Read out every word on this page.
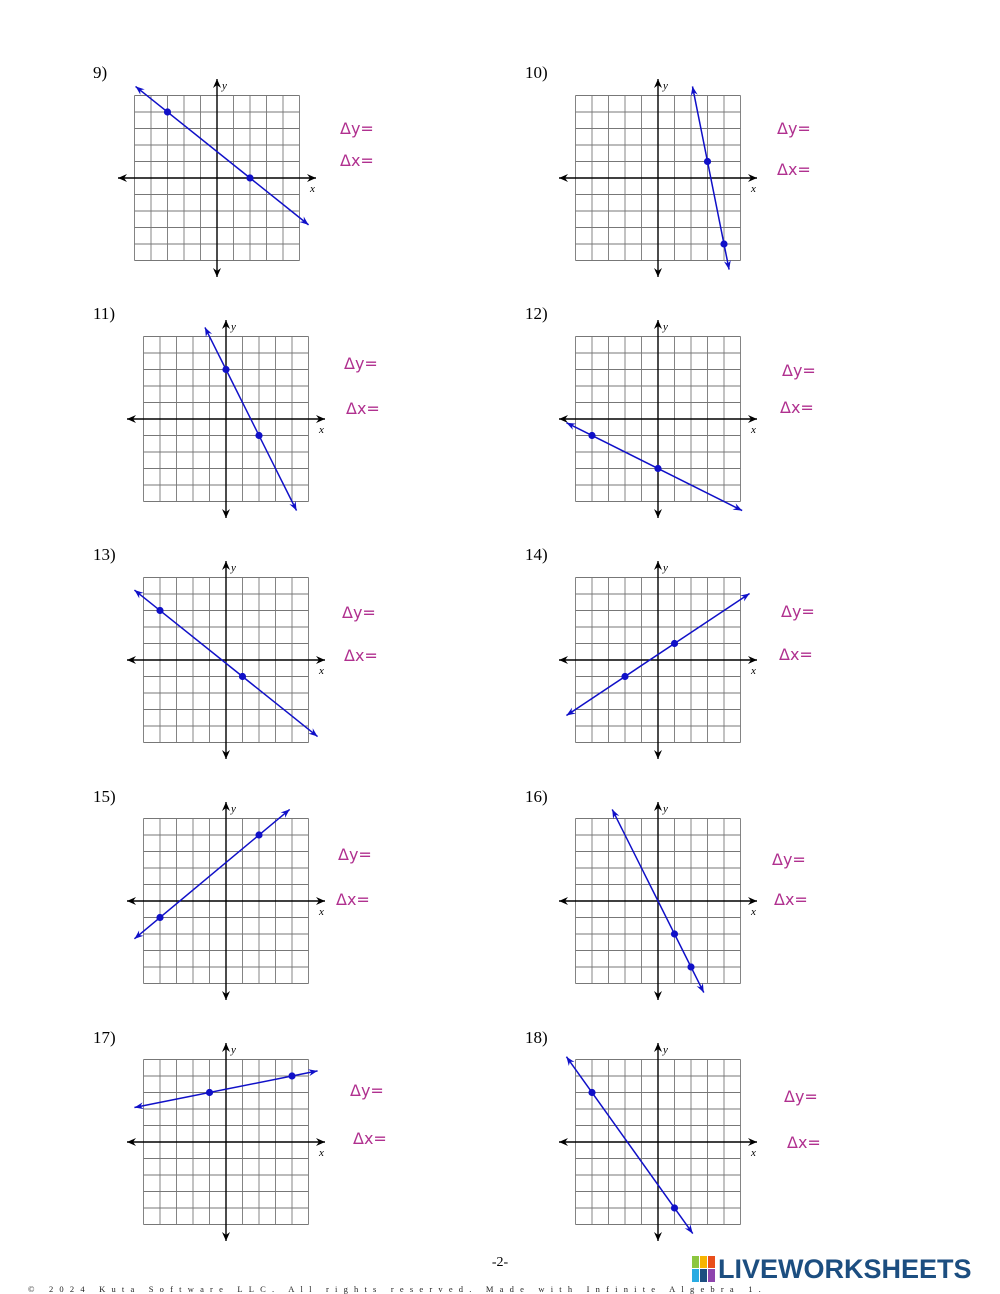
9)	10)
11)	12)
13)	14)
15)	16)
17)	18)
x
y
x
y
x
y
x
y
x
y
x
y
x
y
x
y
x
y
x
y
Δy=
Δx=
Δy=
Δx=
Δy=
Δx=
Δy=
Δx=
Δy=
Δx=
Δy=
Δx=
Δy=
Δx=
Δy=
Δx=
Δy=
Δx=
Δy=
Δx=
-2-	LIVEWORKSHEETS
© 2024 Kuta Software LLC. All rights reserved. Made with Infinite Algebra 1.
